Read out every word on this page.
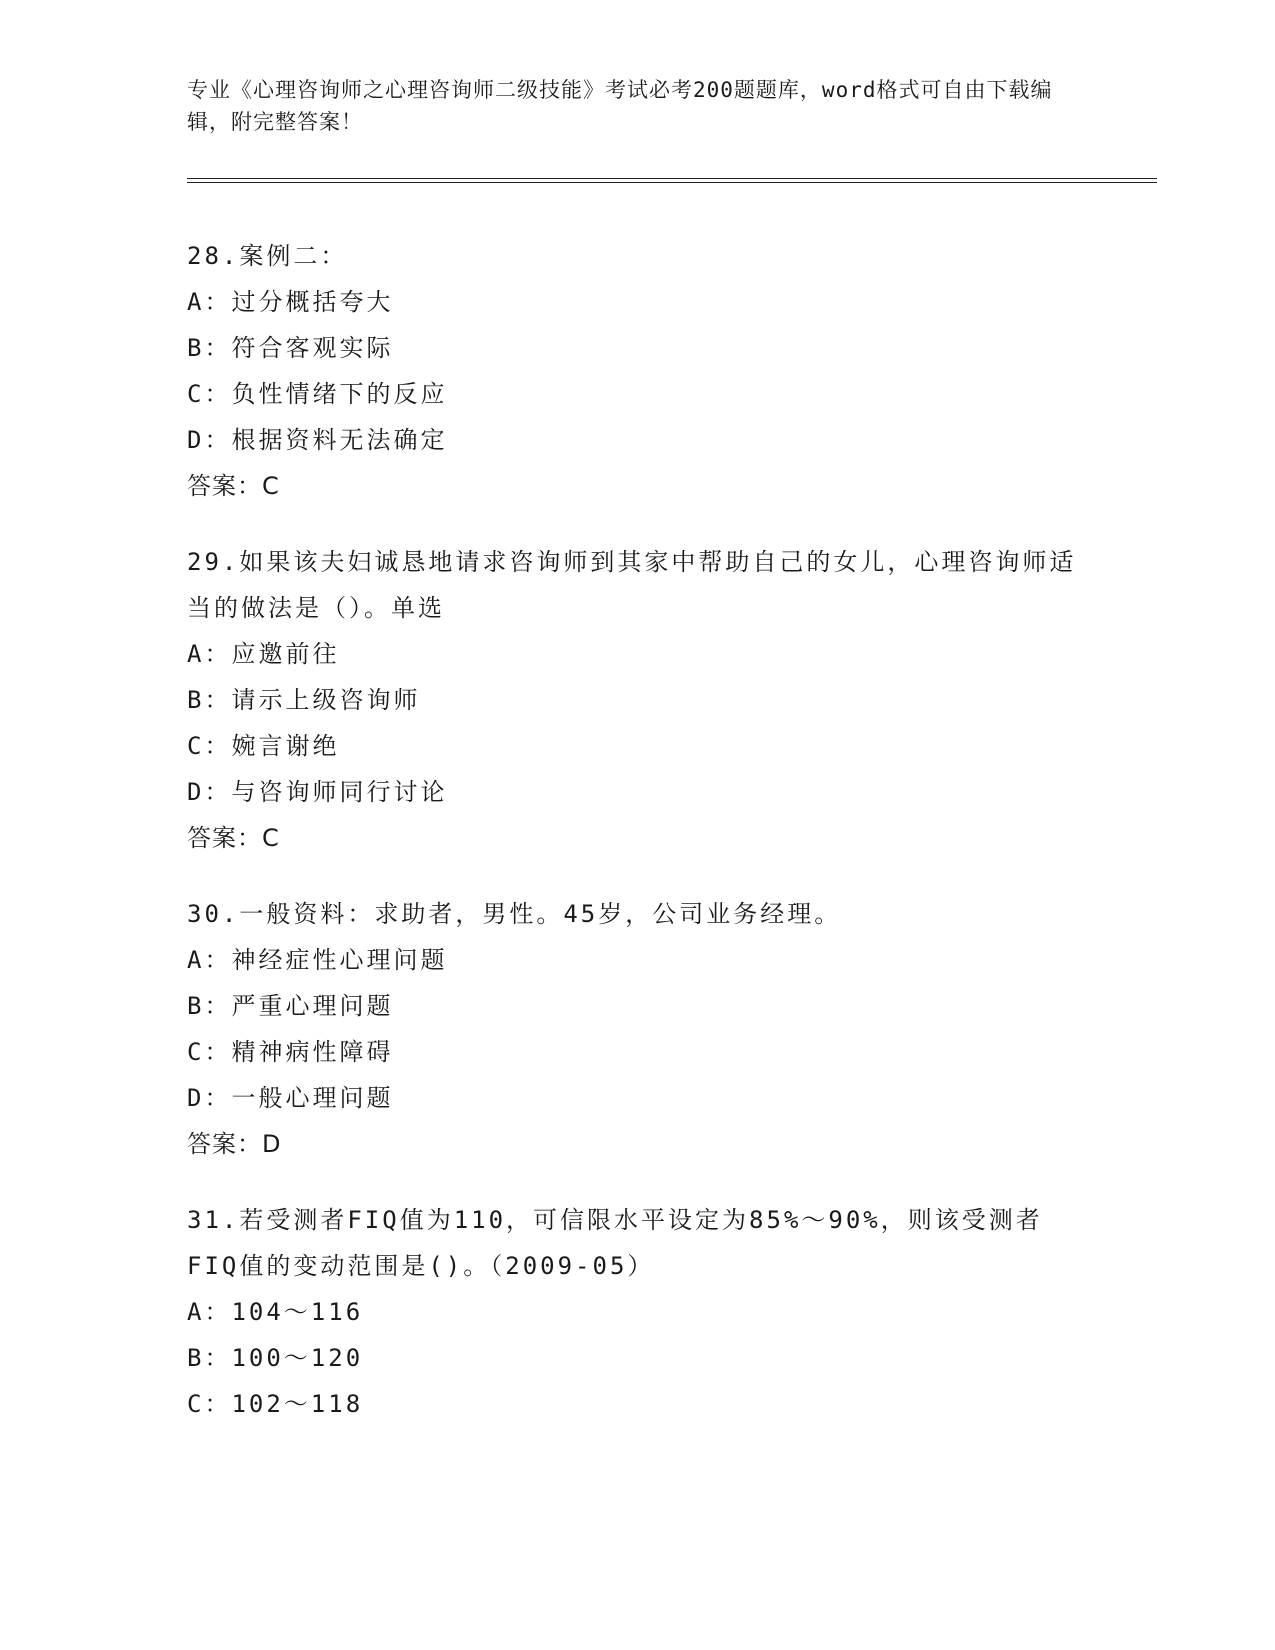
专业《心理咨询师之心理咨询师二级技能》考试必考200题题库，word格式可自由下载编辑，附完整答案！
28.案例二：
A：过分概括夸大
B：符合客观实际
C：负性情绪下的反应
D：根据资料无法确定
答案：C
29.如果该夫妇诚恳地请求咨询师到其家中帮助自己的女儿，心理咨询师适当的做法是（）。单选
A：应邀前往
B：请示上级咨询师
C：婉言谢绝
D：与咨询师同行讨论
答案：C
30.一般资料：求助者，男性。45岁，公司业务经理。
A：神经症性心理问题
B：严重心理问题
C：精神病性障碍
D：一般心理问题
答案：D
31.若受测者FIQ值为110，可信限水平设定为85%～90%，则该受测者FIQ值的变动范围是()。（2009-05）
A：104～116
B：100～120
C：102～118
